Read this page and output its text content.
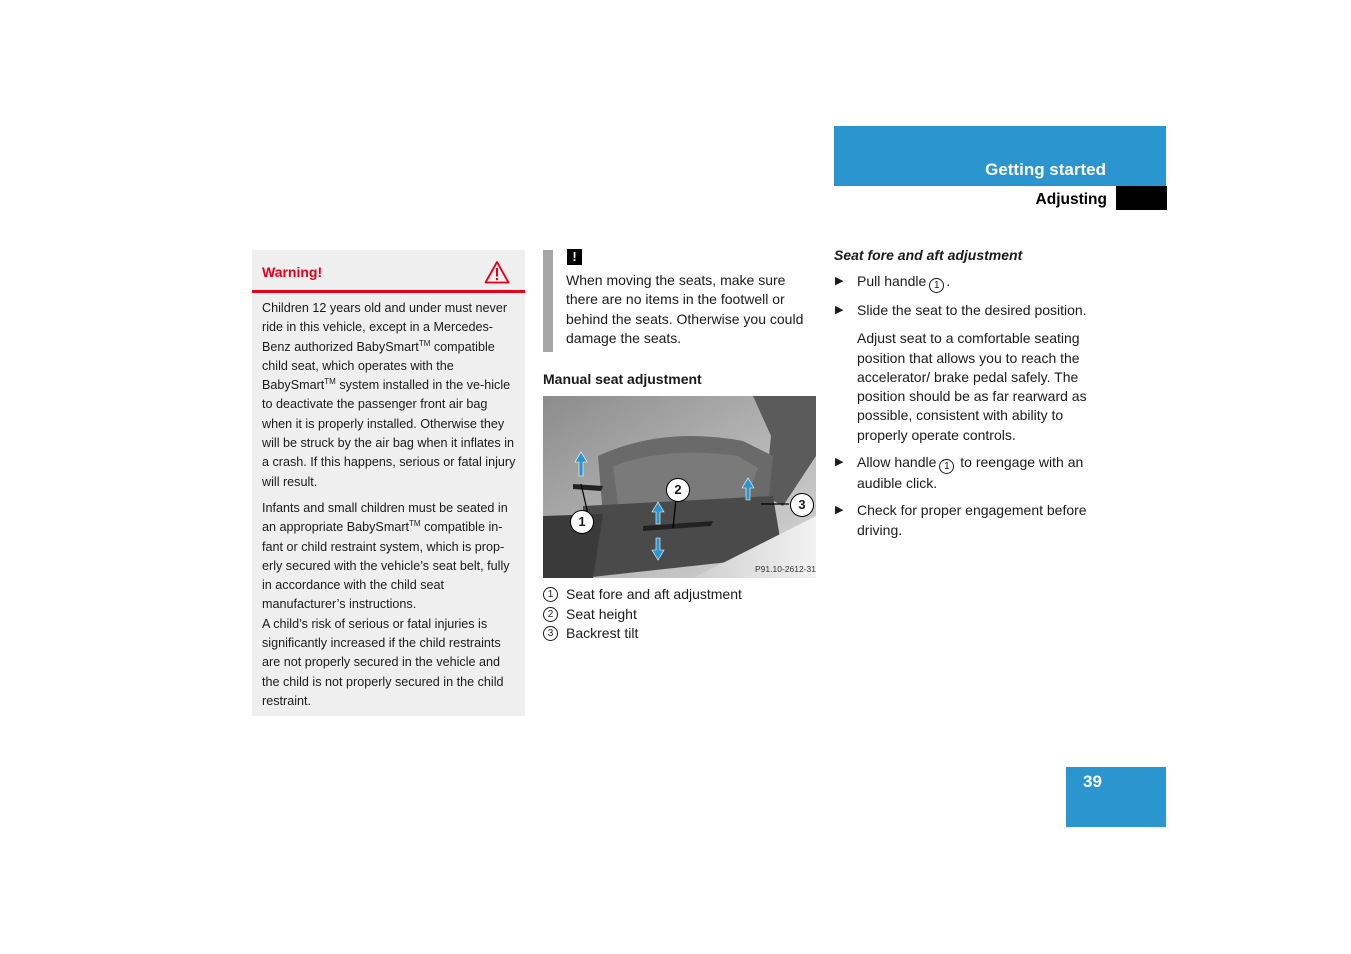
Getting started
Adjusting
Warning!

Children 12 years old and under must never ride in this vehicle, except in a Mercedes-Benz authorized BabySmart™ compatible child seat, which operates with the BabySmart™ system installed in the ve-hicle to deactivate the passenger front air bag when it is properly installed. Otherwise they will be struck by the air bag when it inflates in a crash. If this happens, serious or fatal injury will result.

Infants and small children must be seated in an appropriate BabySmart™ compatible in-fant or child restraint system, which is prop-erly secured with the vehicle’s seat belt, fully in accordance with the child seat manufacturer’s instructions.

A child’s risk of serious or fatal injuries is significantly increased if the child restraints are not properly secured in the vehicle and the child is not properly secured in the child restraint.

!
When moving the seats, make sure there are no items in the footwell or behind the seats. Otherwise you could damage the seats.
Manual seat adjustment
1
2
3
P91.10-2612-31
1 Seat fore and aft adjustment
2 Seat height
3 Backrest tilt
Seat fore and aft adjustment
▶ Pull handle 1 .
▶ Slide the seat to the desired position.
Adjust seat to a comfortable seating position that allows you to reach the accelerator/ brake pedal safely. The position should be as far rearward as possible, consistent with ability to properly operate controls.
▶ Allow handle 1 to reengage with an audible click.
▶ Check for proper engagement before driving.
39
